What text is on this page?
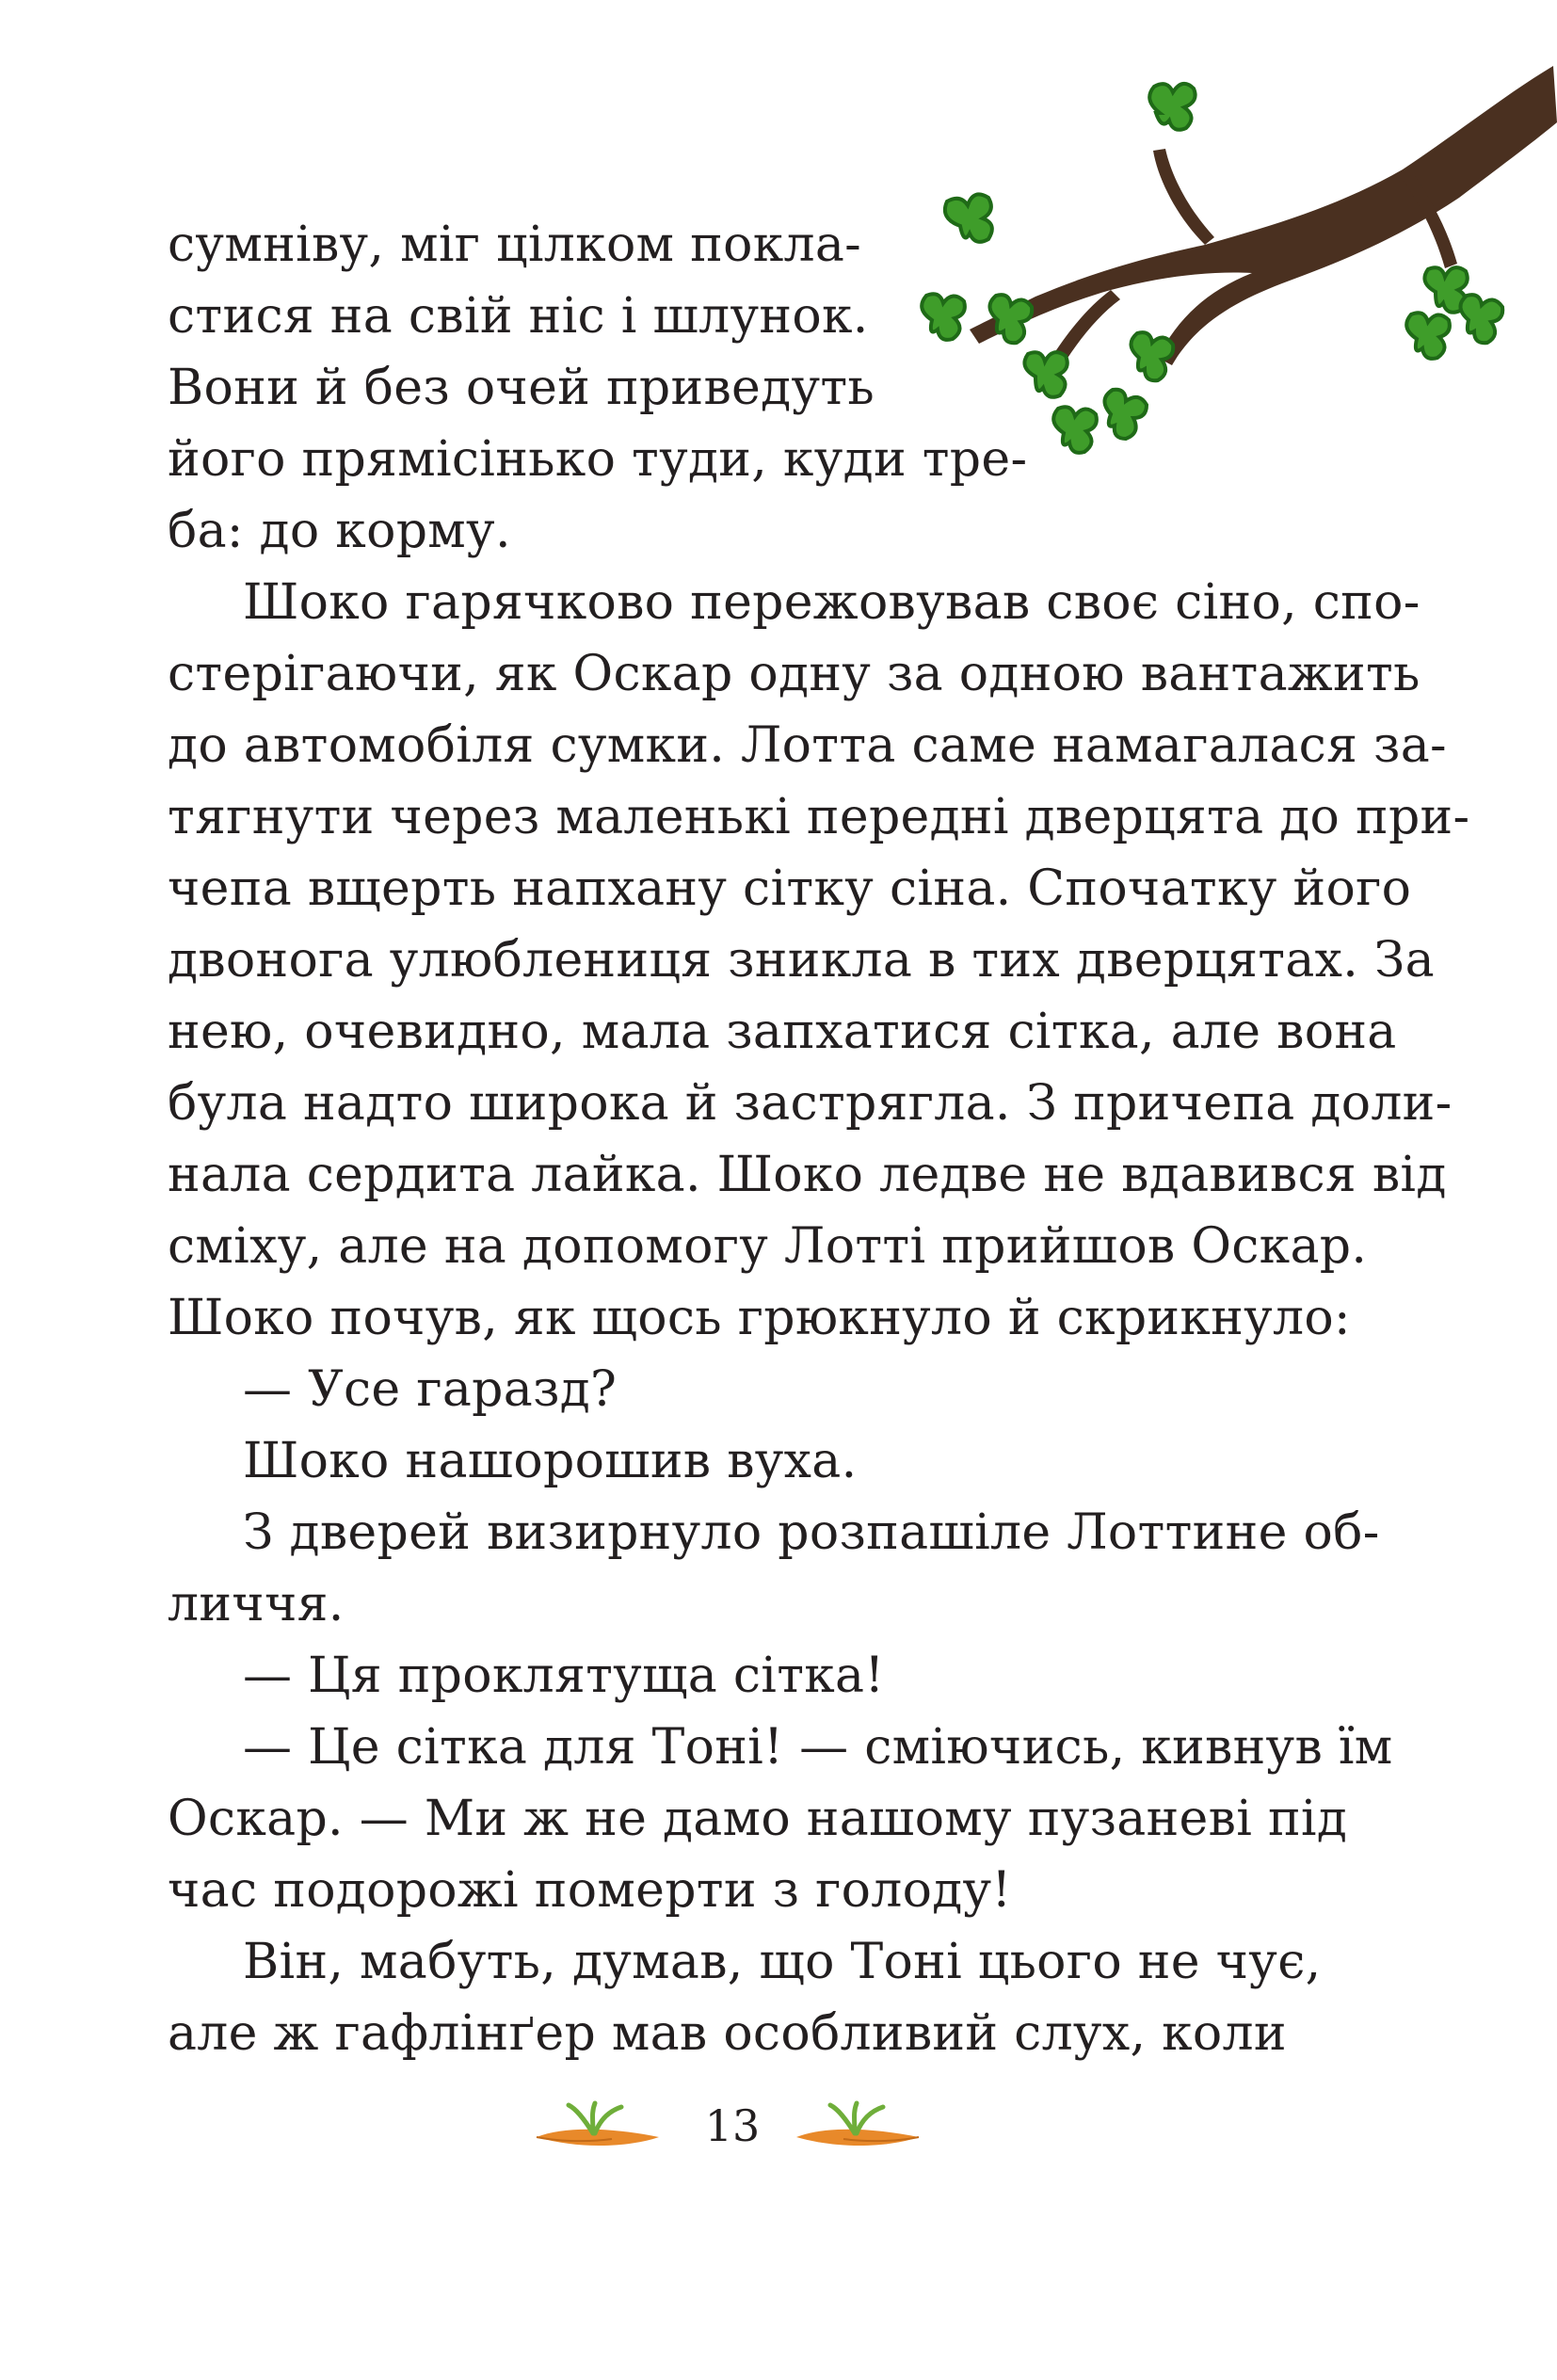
сумніву, міг цілком покла-
стися на свій ніс і шлунок.
Вони й без очей приведуть
його прямісінько туди, куди тре-
ба: до корму.
Шоко гарячково пережовував своє сіно, спо-
стерігаючи, як Оскар одну за одною вантажить
до автомобіля сумки. Лотта саме намагалася за-
тягнути через маленькі передні дверцята до при-
чепа вщерть напхану сітку сіна. Спочатку його
двонога улюблениця зникла в тих дверцятах. За
нею, очевидно, мала запхатися сітка, але вона
була надто широка й застрягла. З причепа доли-
нала сердита лайка. Шоко ледве не вдавився від
сміху, але на допомогу Лотті прийшов Оскар.
Шоко почув, як щось грюкнуло й скрикнуло:
— Усе гаразд?
Шоко нашорошив вуха.
З дверей визирнуло розпашіле Лоттине об-
личчя.
— Ця проклятуща сітка!
— Це сітка для Тоні! — сміючись, кивнув їм
Оскар. — Ми ж не дамо нашому пузаневі під
час подорожі померти з голоду!
Він, мабуть, думав, що Тоні цього не чує,
але ж гафлінґер мав особливий слух, коли
13
